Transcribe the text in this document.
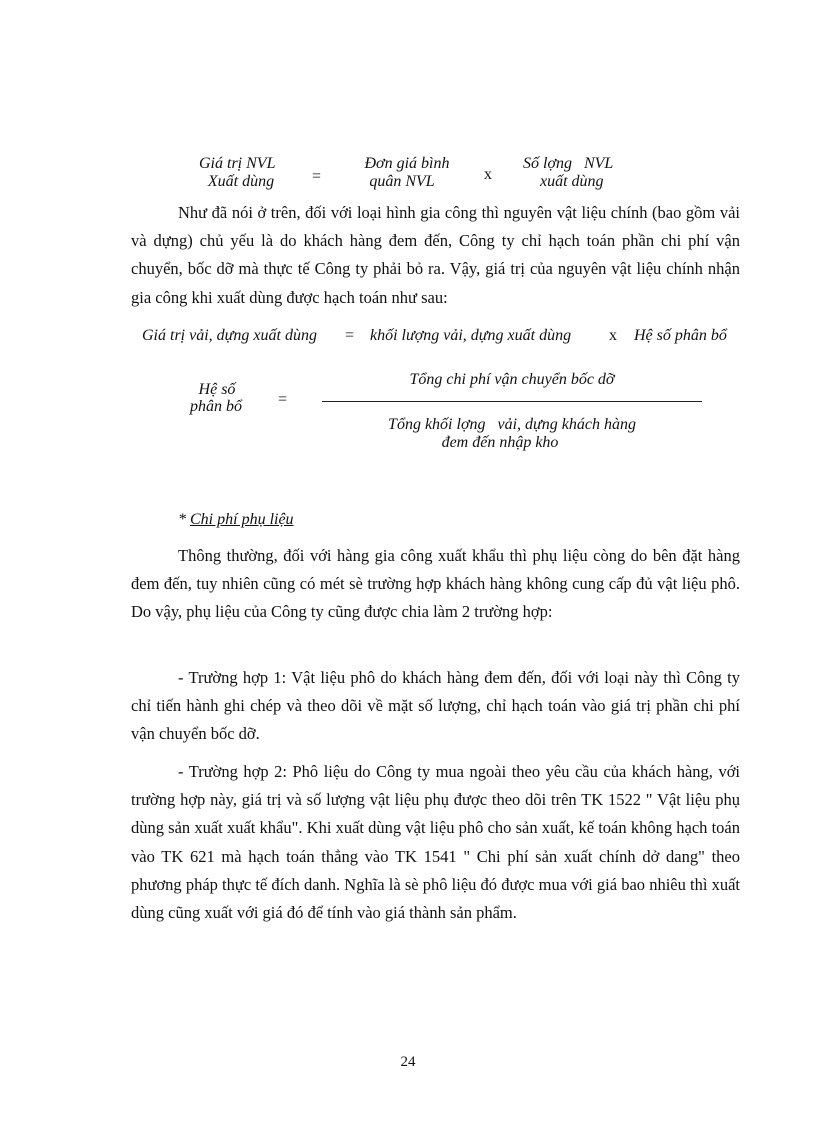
Giá trị NVL
Xuất dùng	=
Đơn giá bình
quân NVL	x
Số lợng   NVL
xuất dùng

Như đã nói ở trên, đối với loại hình gia công thì nguyên vật liệu chính (bao gồm vải và dựng) chủ yếu là do khách hàng đem đến, Công ty chỉ hạch toán phần chi phí vận chuyển, bốc dỡ mà thực tế Công ty phải bỏ ra. Vậy, giá trị của nguyên vật liệu chính nhận gia công khi xuất dùng được hạch toán như sau:

Giá trị vải, dựng xuất dùng = khối lượng vải, dựng xuất dùng x Hệ số phân bổ
Hệ số
phân bổ	=
Tổng chi phí vận chuyển bốc dỡ
Tổng khối lợng   vải, dựng khách hàng
đem đến nhập kho
* Chi phí phụ liệu

Thông thường, đối với hàng gia công xuất khẩu thì phụ liệu còng do bên đặt hàng đem đến, tuy nhiên cũng có mét sè trường hợp khách hàng không cung cấp đủ vật liệu phô. Do vậy, phụ liệu của Công ty cũng được chia làm 2 trường hợp:

- Trường hợp 1: Vật liệu phô do khách hàng đem đến, đối với loại này thì Công ty chỉ tiến hành ghi chép và theo dõi về mặt số lượng, chỉ hạch toán vào giá trị phần chi phí vận chuyển bốc dỡ.

- Trường hợp 2: Phô liệu do Công ty mua ngoài theo yêu cầu của khách hàng, với trường hợp này, giá trị và số lượng vật liệu phụ được theo dõi trên TK 1522 " Vật liệu phụ dùng sản xuất xuất khẩu". Khi xuất dùng vật liệu phô cho sản xuất, kế toán không hạch toán vào TK 621 mà hạch toán thẳng vào TK 1541 " Chi phí sản xuất chính dở dang" theo phương pháp thực tế đích danh. Nghĩa là sè phô liệu đó được mua với giá bao nhiêu thì xuất dùng cũng xuất với giá đó để tính vào giá thành sản phẩm.

24
